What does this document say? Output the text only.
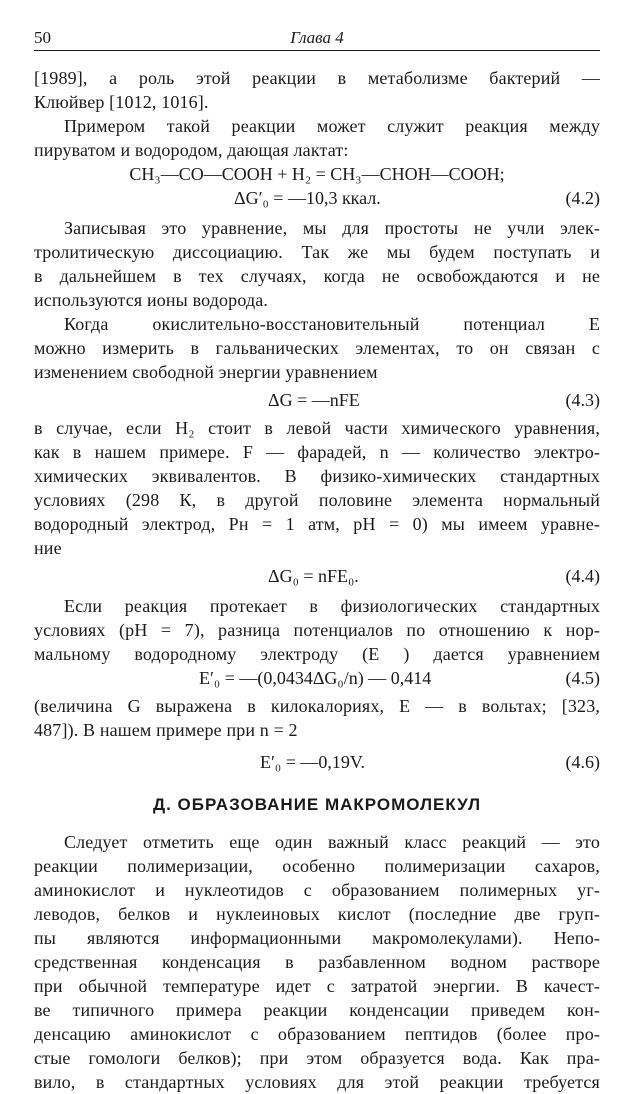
50	Глава 4

[1989], а роль этой реакции в метаболизме бактерий —
Клюйвер [1012, 1016].

Примером такой реакции может служит реакция между

пируватом и водородом, дающая лактат:

CH₃—CO—COOH + H₂ = CH₃—CHOH—COOH;
ΔG′₀ = —10,3 ккал.	(4.2)

Записывая это уравнение, мы для простоты не учли элек-

тролитическую диссоциацию. Так же мы будем поступать и
в дальнейшем в тех случаях, когда не освобождаются и не
используются ионы водорода.

Когда окислительно-восстановительный потенциал E

можно измерить в гальванических элементах, то он связан с
изменением свободной энергии уравнением

ΔG = —nFE	(4.3)

в случае, если H₂ стоит в левой части химического уравнения,
как в нашем примере. F — фарадей, n — количество электро-
химических эквивалентов. В физико-химических стандартных
условиях (298 К, в другой половине элемента нормальный
водородный электрод, Pн = 1 атм, pH = 0) мы имеем уравне-
ние

ΔG₀ = nFE₀.	(4.4)

Если реакция протекает в физиологических стандартных

условиях (pH = 7), разница потенциалов по отношению к нор-
мальному водородному электроду (E ) дается уравнением

E′₀ = —(0,0434ΔG₀/n) — 0,414	(4.5)

(величина G выражена в килокалориях, E — в вольтах; [323,
487]). В нашем примере при n = 2

E′₀ = —0,19V.	(4.6)
Д. ОБРАЗОВАНИЕ МАКРОМОЛЕКУЛ

Следует отметить еще один важный класс реакций — это

реакции полимеризации, особенно полимеризации сахаров,
аминокислот и нуклеотидов с образованием полимерных уг-
леводов, белков и нуклеиновых кислот (последние две груп-
пы являются информационными макромолекулами). Непо-
средственная конденсация в разбавленном водном растворе
при обычной температуре идет с затратой энергии. В качест-
ве типичного примера реакции конденсации приведем кон-
денсацию аминокислот с образованием пептидов (более про-
стые гомологи белков); при этом образуется вода. Как пра-
вило, в стандартных условиях для этой реакции требуется
